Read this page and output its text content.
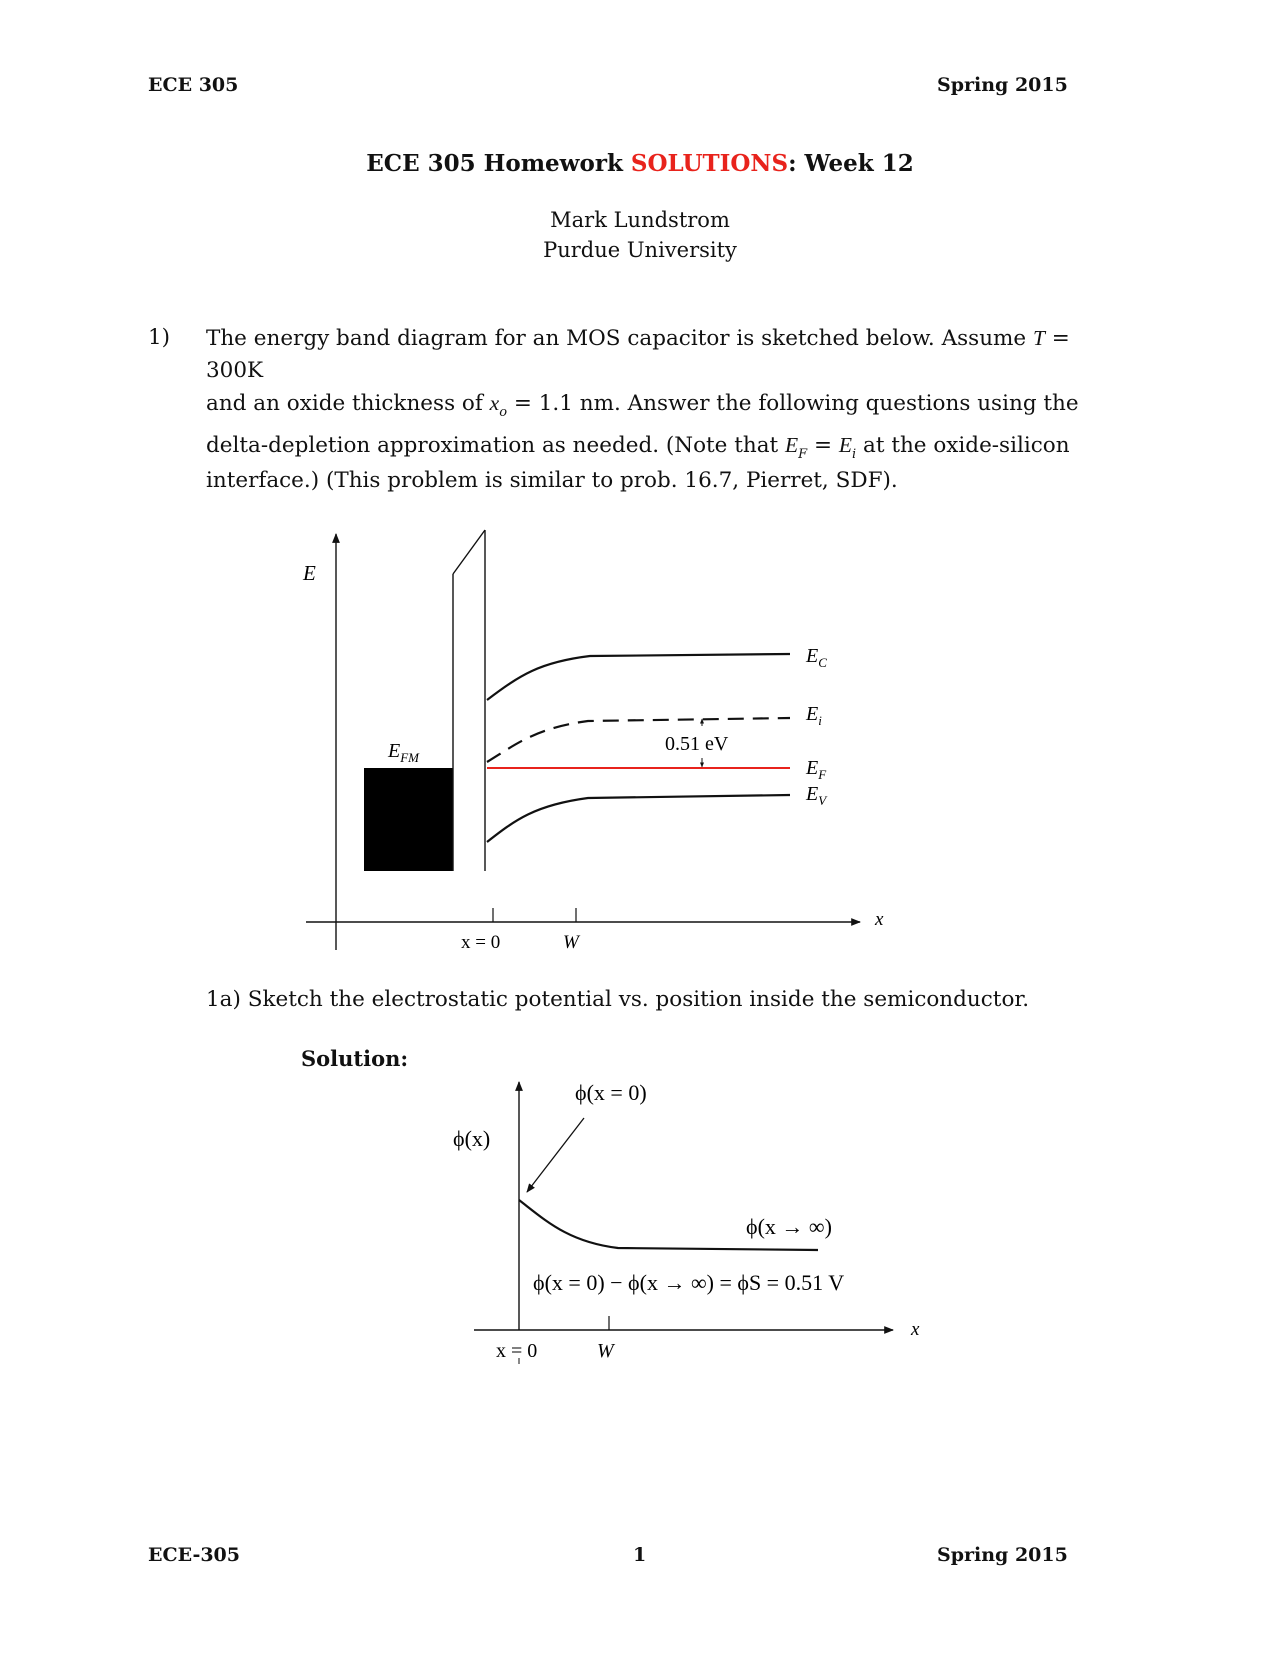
ECE 305	Spring 2015
ECE 305 Homework SOLUTIONS: Week 12
Mark Lundstrom
Purdue University
1) The energy band diagram for an MOS capacitor is sketched below. Assume T = 300K
and an oxide thickness of $x_o = 1.1$ nm. Answer the following questions using the
delta-depletion approximation as needed. (Note that $E_F = E_i$ at the oxide-silicon
interface.) (This problem is similar to prob. 16.7, Pierret, SDF).
E
x
x = 0	W
$E_{FM}$
$E_C$
$E_i$
$E_F$
$E_V$
0.51 eV
1a) Sketch the electrostatic potential vs. position inside the semiconductor.
Solution:
ϕ(x)
ϕ(x = 0)
ϕ(x → ∞)
ϕ(x = 0) − ϕ(x → ∞) = ϕS = 0.51 V
x = 0	W
x
ECE-305	1	Spring 2015
